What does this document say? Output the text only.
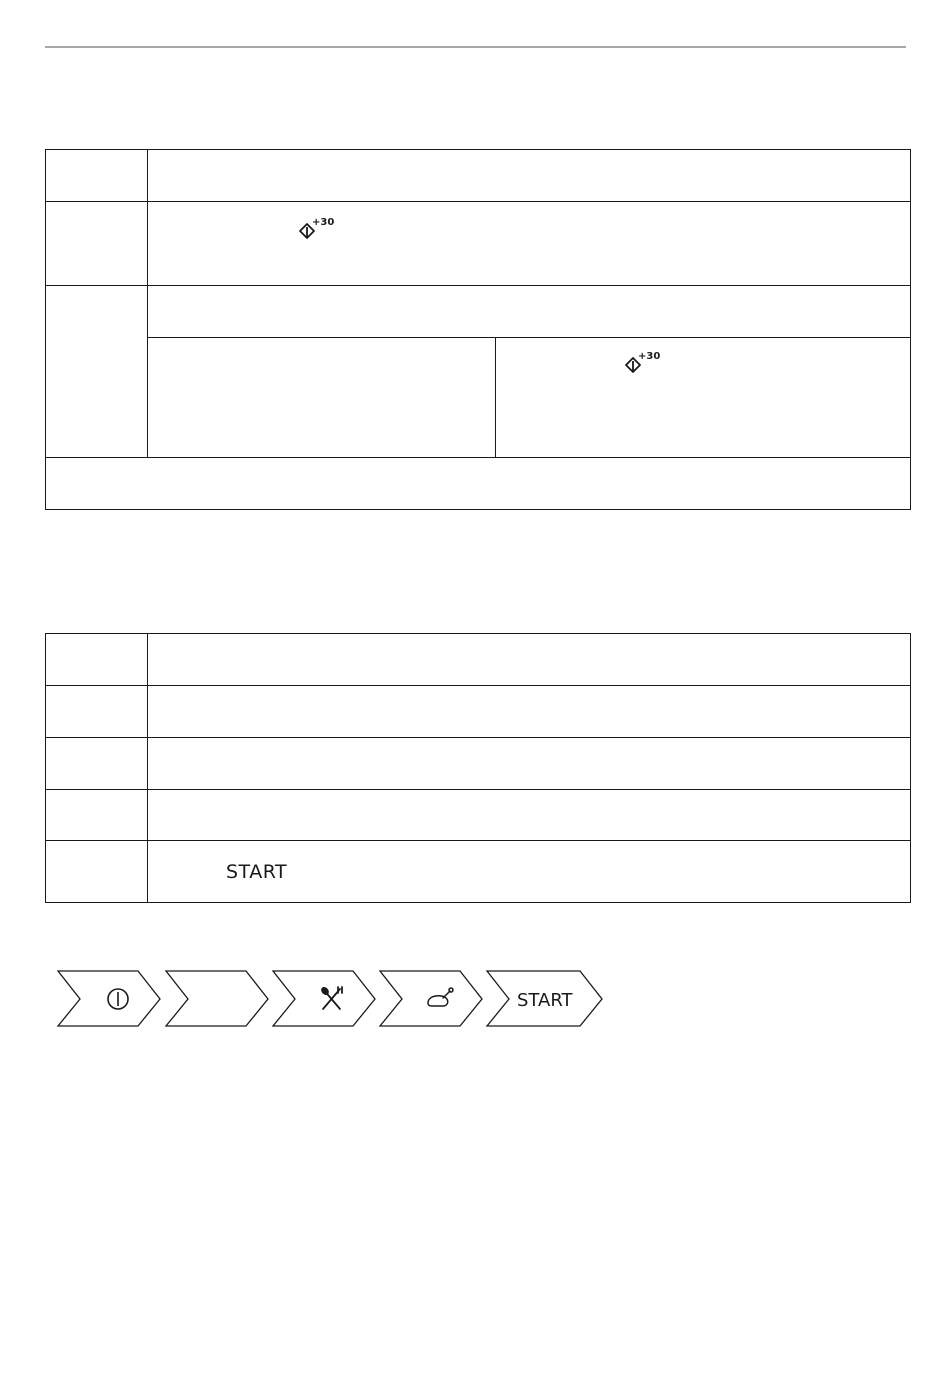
+30
+30
START
START
